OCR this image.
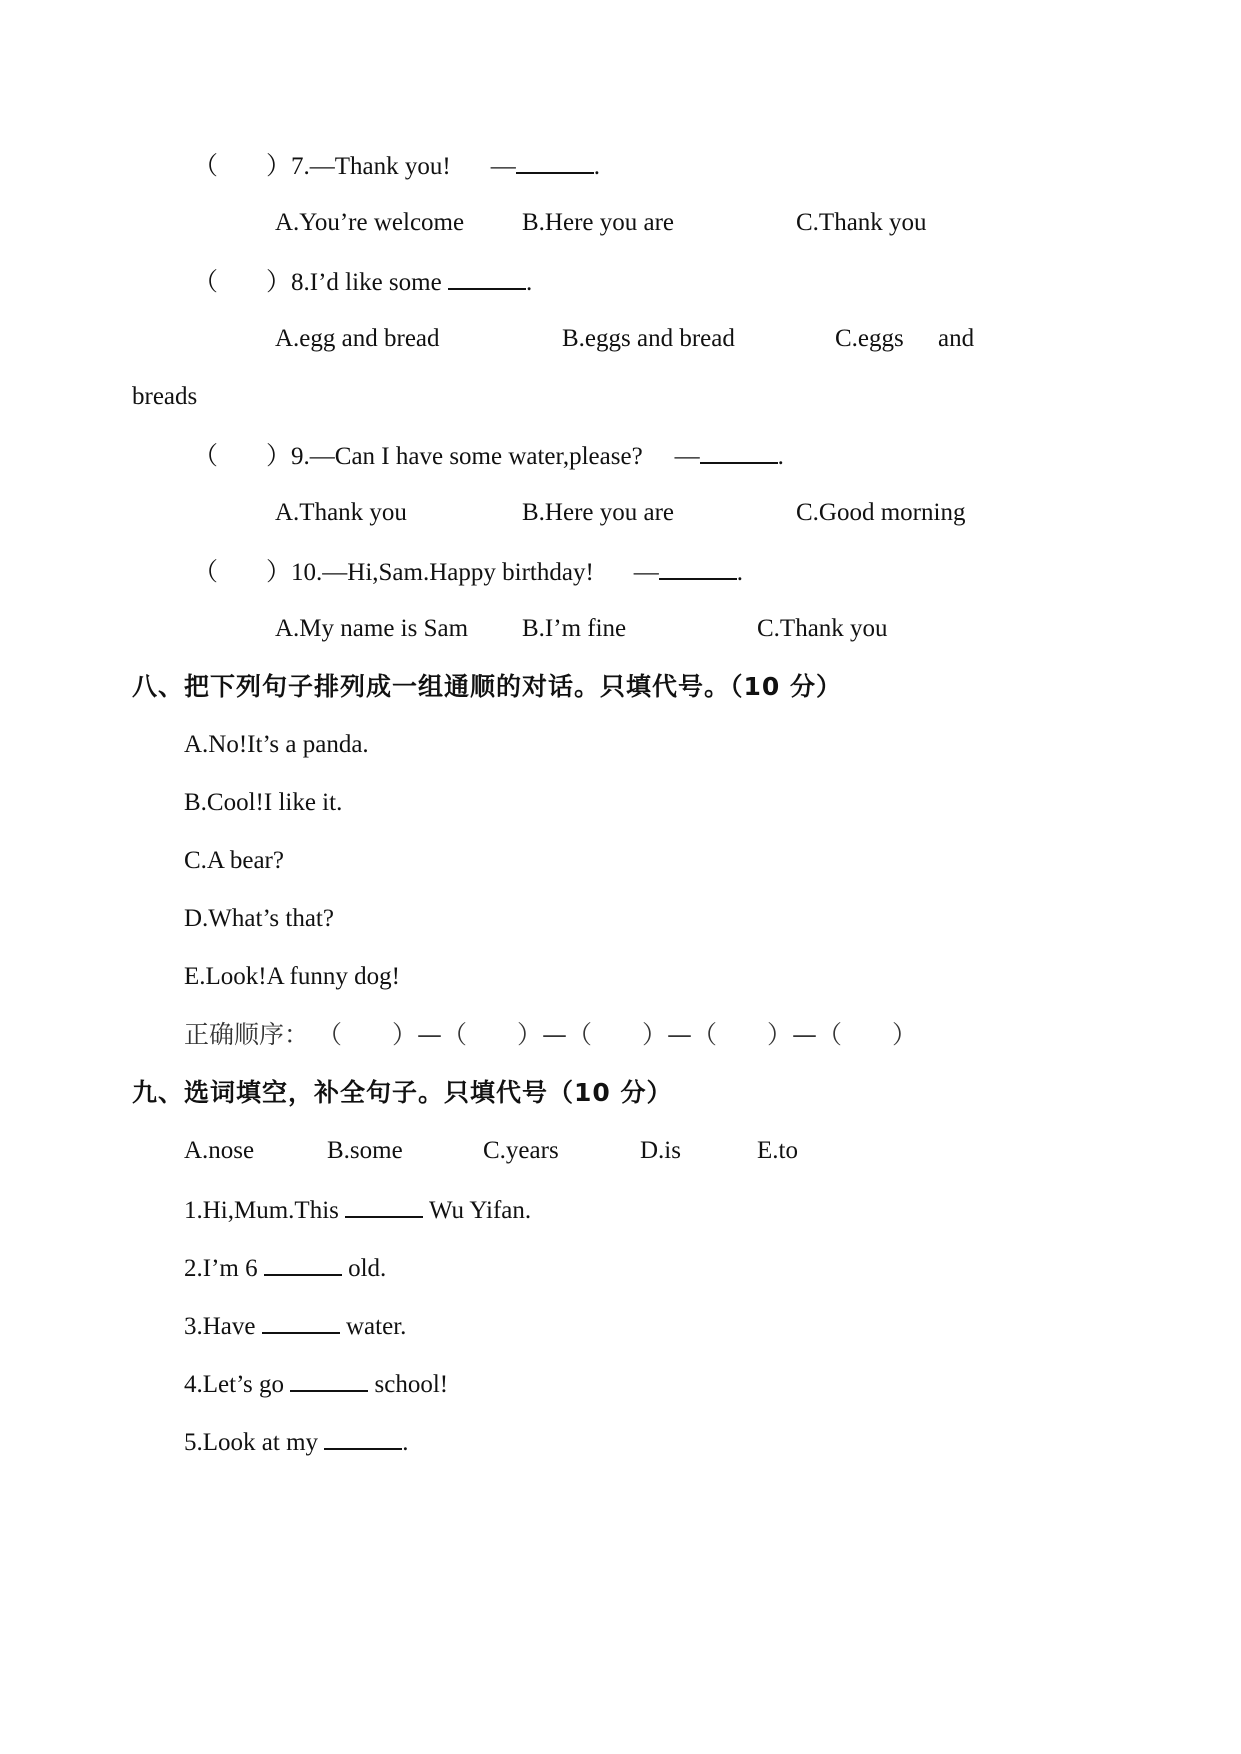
（ ）7.—Thank you! —	.
A.You’re welcome B.Here you are	C.Thank you
（ ）8.I’d like some	.
A.egg and bread	B.eggs and bread	C.eggs and
breads
（ ）9.—Can I have some water,please? —	.
A.Thank you	B.Here you are	C.Good morning
（ ）10.—Hi,Sam.Happy birthday! —	.
A.My name is Sam B.I’m fine	C.Thank you
八、把下列句子排列成一组通顺的对话。只填代号。（10 分）
A.No!It’s a panda.
B.Cool!I like it.
C.A bear?
D.What’s that?
E.Look!A funny dog!
正确顺序： （　　）—（　　）—（　　）—（　　）—（　　）
九、选词填空，补全句子。只填代号（10 分）
A.nose	B.some	C.years	D.is	E.to
1.Hi,Mum.This	Wu Yifan.
2.I’m 6	old.
3.Have	water.
4.Let’s go	school!
5.Look at my	.
